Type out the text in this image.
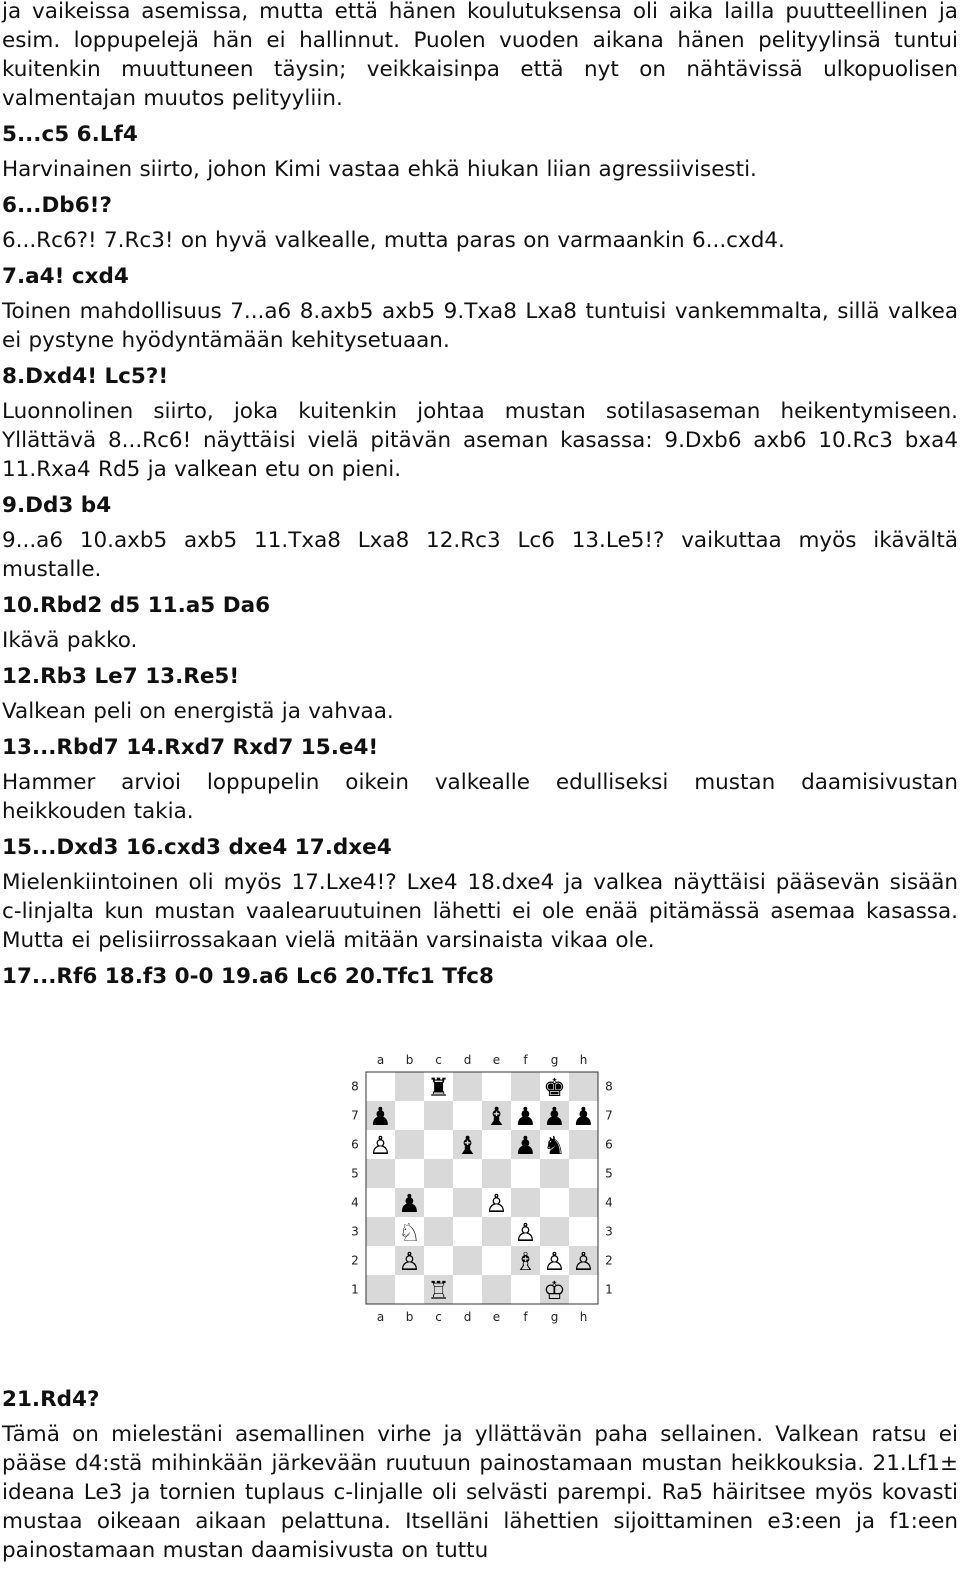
ja vaikeissa asemissa, mutta että hänen koulutuksensa oli aika lailla puutteellinen ja esim. loppupelejä hän ei hallinnut. Puolen vuoden aikana hänen pelityylinsä tuntui kuitenkin muuttuneen täysin; veikkaisinpa että nyt on nähtävissä ulkopuolisen valmentajan muutos pelityyliin.

5...c5 6.Lf4

Harvinainen siirto, johon Kimi vastaa ehkä hiukan liian agressiivisesti.

6...Db6!?

6...Rc6?! 7.Rc3! on hyvä valkealle, mutta paras on varmaankin 6...cxd4.

7.a4! cxd4

Toinen mahdollisuus 7...a6 8.axb5 axb5 9.Txa8 Lxa8 tuntuisi vankemmalta, sillä valkea ei pystyne hyödyntämään kehitysetuaan.

8.Dxd4! Lc5?!

Luonnolinen siirto, joka kuitenkin johtaa mustan sotilasaseman heikentymiseen. Yllättävä 8...Rc6! näyttäisi vielä pitävän aseman kasassa: 9.Dxb6 axb6 10.Rc3 bxa4 11.Rxa4 Rd5 ja valkean etu on pieni.

9.Dd3 b4

9...a6 10.axb5 axb5 11.Txa8 Lxa8 12.Rc3 Lc6 13.Le5!? vaikuttaa myös ikävältä mustalle.

10.Rbd2 d5 11.a5 Da6

Ikävä pakko.

12.Rb3 Le7 13.Re5!

Valkean peli on energistä ja vahvaa.

13...Rbd7 14.Rxd7 Rxd7 15.e4!

Hammer arvioi loppupelin oikein valkealle edulliseksi mustan daamisivustan heikkouden takia.

15...Dxd3 16.cxd3 dxe4 17.dxe4

Mielenkiintoinen oli myös 17.Lxe4!? Lxe4 18.dxe4 ja valkea näyttäisi pääsevän sisään c-linjalta kun mustan vaalearuutuinen lähetti ei ole enää pitämässä asemaa kasassa. Mutta ei pelisiirrossakaan vielä mitään varsinaista vikaa ole.

17...Rf6 18.f3 0-0 19.a6 Lc6 20.Tfc1 Tfc8

a
a
b
b
c
c
d
d
e
e
f
f
g
g
h
h
8	8
7	7
6	6
5	5
4	4
3	3
2	2
1	1
♜	♚
♟	♝ ♟ ♟ ♟
♙	♝ ♟ ♞
♟	♙
♘	♙
♙	♗ ♙ ♙
♖	♔

21.Rd4?

Tämä on mielestäni asemallinen virhe ja yllättävän paha sellainen. Valkean ratsu ei pääse d4:stä mihinkään järkevään ruutuun painostamaan mustan heikkouksia. 21.Lf1± ideana Le3 ja tornien tuplaus c-linjalle oli selvästi parempi. Ra5 häiritsee myös kovasti mustaa oikeaan aikaan pelattuna. Itselläni lähettien sijoittaminen e3:een ja f1:een painostamaan mustan daamisivusta on tuttu
